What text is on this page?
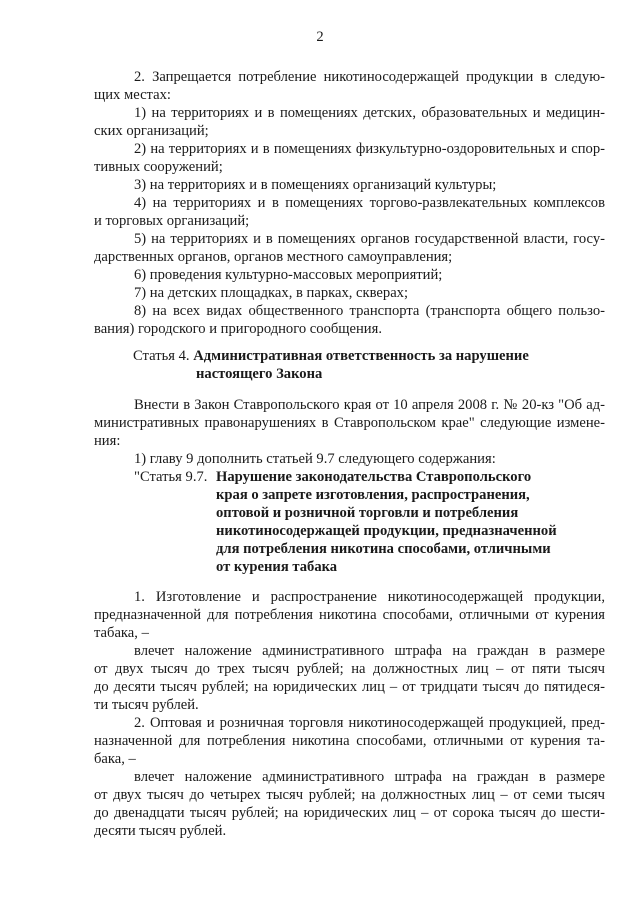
2
2. Запрещается потребление никотиносодержащей продукции в следую-
щих местах:
1) на территориях и в помещениях детских, образовательных и медицин-
ских организаций;
2) на территориях и в помещениях физкультурно-оздоровительных и спор-
тивных сооружений;
3) на территориях и в помещениях организаций культуры;
4) на территориях и в помещениях торгово-развлекательных комплексов
и торговых организаций;
5) на территориях и в помещениях органов государственной власти, госу-
дарственных органов, органов местного самоуправления;
6) проведения культурно-массовых мероприятий;
7) на детских площадках, в парках, скверах;
8) на всех видах общественного транспорта (транспорта общего пользо-
вания) городского и пригородного сообщения.
Статья 4. Административная ответственность за нарушение
настоящего Закона
Внести в Закон Ставропольского края от 10 апреля 2008 г. № 20-кз "Об ад-
министративных правонарушениях в Ставропольском крае" следующие измене-
ния:
1) главу 9 дополнить статьей 9.7 следующего содержания:
"Статья 9.7. Нарушение законодательства Ставропольского
края о запрете изготовления, распространения,
оптовой и розничной торговли и потребления
никотиносодержащей продукции, предназначенной
для потребления никотина способами, отличными
от курения табака
1. Изготовление и распространение никотиносодержащей продукции,
предназначенной для потребления никотина способами, отличными от курения
табака, –
влечет наложение административного штрафа на граждан в размере
от двух тысяч до трех тысяч рублей; на должностных лиц – от пяти тысяч
до десяти тысяч рублей; на юридических лиц – от тридцати тысяч до пятидеся-
ти тысяч рублей.
2. Оптовая и розничная торговля никотиносодержащей продукцией, пред-
назначенной для потребления никотина способами, отличными от курения та-
бака, –
влечет наложение административного штрафа на граждан в размере
от двух тысяч до четырех тысяч рублей; на должностных лиц – от семи тысяч
до двенадцати тысяч рублей; на юридических лиц – от сорока тысяч до шести-
десяти тысяч рублей.
